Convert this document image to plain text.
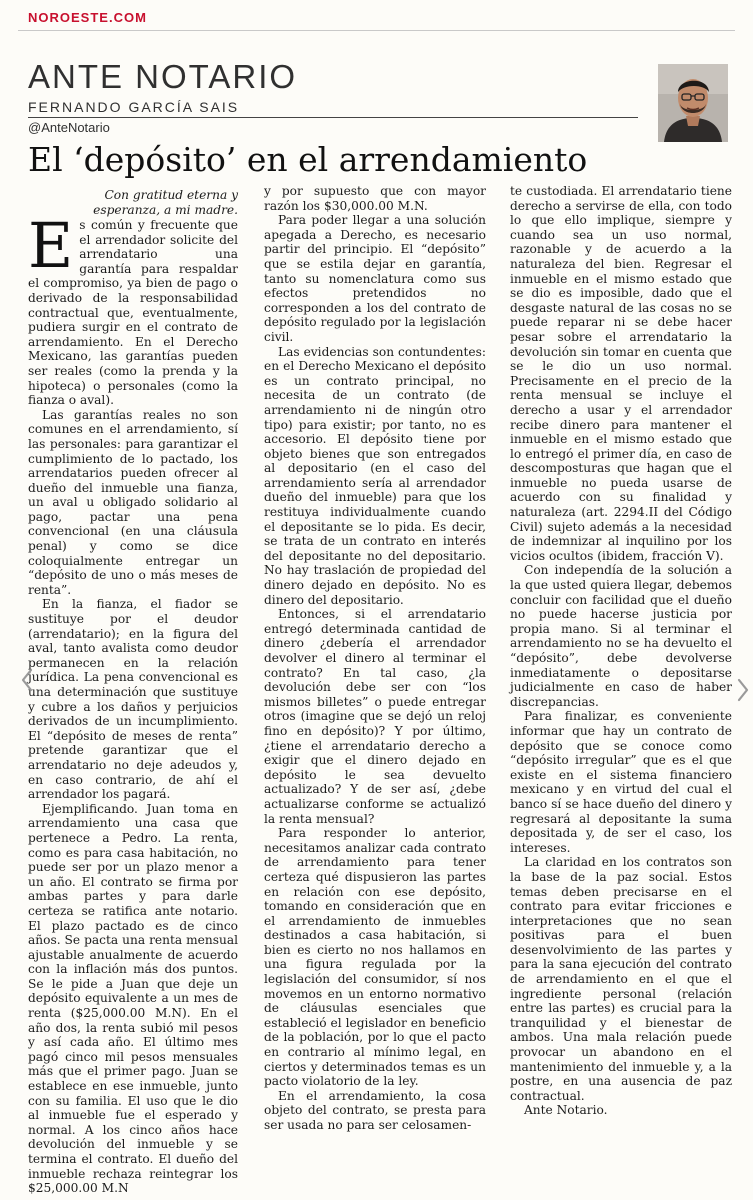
NOROESTE.COM
ANTE NOTARIO
FERNANDO GARCÍA SAIS
@AnteNotario
El ‘depósito’ en el arrendamiento

Con gratitud eterna y
esperanza, a mi madre.

Es común y frecuente que el arrendador solicite del arrendatario una garantía para respaldar el compromiso, ya bien de pago o derivado de la responsabilidad contractual que, eventualmente, pudiera surgir en el contrato de arrendamiento. En el Derecho Mexicano, las garantías pueden ser reales (como la prenda y la hipoteca) o personales (como la fianza o aval).

Las garantías reales no son comunes en el arrendamiento, sí las personales: para garantizar el cumplimiento de lo pactado, los arrendatarios pueden ofrecer al dueño del inmueble una fianza, un aval u obligado solidario al pago, pactar una pena convencional (en una cláusula penal) y como se dice coloquialmente entregar un “depósito de uno o más meses de renta”.

En la fianza, el fiador se sustituye por el deudor (arrendatario); en la figura del aval, tanto avalista como deudor permanecen en la relación jurídica. La pena convencional es una determinación que sustituye y cubre a los daños y perjuicios derivados de un incumplimiento. El “depósito de meses de renta” pretende garantizar que el arrendatario no deje adeudos y, en caso contrario, de ahí el arrendador los pagará.

Ejemplificando. Juan toma en arrendamiento una casa que pertenece a Pedro. La renta, como es para casa habitación, no puede ser por un plazo menor a un año. El contrato se firma por ambas partes y para darle certeza se ratifica ante notario. El plazo pactado es de cinco años. Se pacta una renta mensual ajustable anualmente de acuerdo con la inflación más dos puntos. Se le pide a Juan que deje un depósito equivalente a un mes de renta ($25,000.00 M.N). En el año dos, la renta subió mil pesos y así cada año. El último mes pagó cinco mil pesos mensuales más que el primer pago. Juan se establece en ese inmueble, junto con su familia. El uso que le dio al inmueble fue el esperado y normal. A los cinco años hace devolución del inmueble y se termina el contrato. El dueño del inmueble rechaza reintegrar los $25,000.00 M.N

y por supuesto que con mayor razón los $30,000.00 M.N.

Para poder llegar a una solución apegada a Derecho, es necesario partir del principio. El “depósito” que se estila dejar en garantía, tanto su nomenclatura como sus efectos pretendidos no corresponden a los del contrato de depósito regulado por la legislación civil.

Las evidencias son contundentes: en el Derecho Mexicano el depósito es un contrato principal, no necesita de un contrato (de arrendamiento ni de ningún otro tipo) para existir; por tanto, no es accesorio. El depósito tiene por objeto bienes que son entregados al depositario (en el caso del arrendamiento sería al arrendador dueño del inmueble) para que los restituya individualmente cuando el depositante se lo pida. Es decir, se trata de un contrato en interés del depositante no del depositario. No hay traslación de propiedad del dinero dejado en depósito. No es dinero del depositario.

Entonces, si el arrendatario entregó determinada cantidad de dinero ¿debería el arrendador devolver el dinero al terminar el contrato? En tal caso, ¿la devolución debe ser con “los mismos billetes” o puede entregar otros (imagine que se dejó un reloj fino en depósito)? Y por último, ¿tiene el arrendatario derecho a exigir que el dinero dejado en depósito le sea devuelto actualizado? Y de ser así, ¿debe actualizarse conforme se actualizó la renta mensual?

Para responder lo anterior, necesitamos analizar cada contrato de arrendamiento para tener certeza qué dispusieron las partes en relación con ese depósito, tomando en consideración que en el arrendamiento de inmuebles destinados a casa habitación, si bien es cierto no nos hallamos en una figura regulada por la legislación del consumidor, sí nos movemos en un entorno normativo de cláusulas esenciales que estableció el legislador en beneficio de la población, por lo que el pacto en contrario al mínimo legal, en ciertos y determinados temas es un pacto violatorio de la ley.

En el arrendamiento, la cosa objeto del contrato, se presta para ser usada no para ser celosamen-

te custodiada. El arrendatario tiene derecho a servirse de ella, con todo lo que ello implique, siempre y cuando sea un uso normal, razonable y de acuerdo a la naturaleza del bien. Regresar el inmueble en el mismo estado que se dio es imposible, dado que el desgaste natural de las cosas no se puede reparar ni se debe hacer pesar sobre el arrendatario la devolución sin tomar en cuenta que se le dio un uso normal. Precisamente en el precio de la renta mensual se incluye el derecho a usar y el arrendador recibe dinero para mantener el inmueble en el mismo estado que lo entregó el primer día, en caso de descomposturas que hagan que el inmueble no pueda usarse de acuerdo con su finalidad y naturaleza (art. 2294.II del Código Civil) sujeto además a la necesidad de indemnizar al inquilino por los vicios ocultos (ibidem, fracción V).

Con independía de la solución a la que usted quiera llegar, debemos concluir con facilidad que el dueño no puede hacerse justicia por propia mano. Si al terminar el arrendamiento no se ha devuelto el “depósito”, debe devolverse inmediatamente o depositarse judicialmente en caso de haber discrepancias.

Para finalizar, es conveniente informar que hay un contrato de depósito que se conoce como “depósito irregular” que es el que existe en el sistema financiero mexicano y en virtud del cual el banco sí se hace dueño del dinero y regresará al depositante la suma depositada y, de ser el caso, los intereses.

La claridad en los contratos son la base de la paz social. Estos temas deben precisarse en el contrato para evitar fricciones e interpretaciones que no sean positivas para el buen desenvolvimiento de las partes y para la sana ejecución del contrato de arrendamiento en el que el ingrediente personal (relación entre las partes) es crucial para la tranquilidad y el bienestar de ambos. Una mala relación puede provocar un abandono en el mantenimiento del inmueble y, a la postre, en una ausencia de paz contractual.

Ante Notario.
